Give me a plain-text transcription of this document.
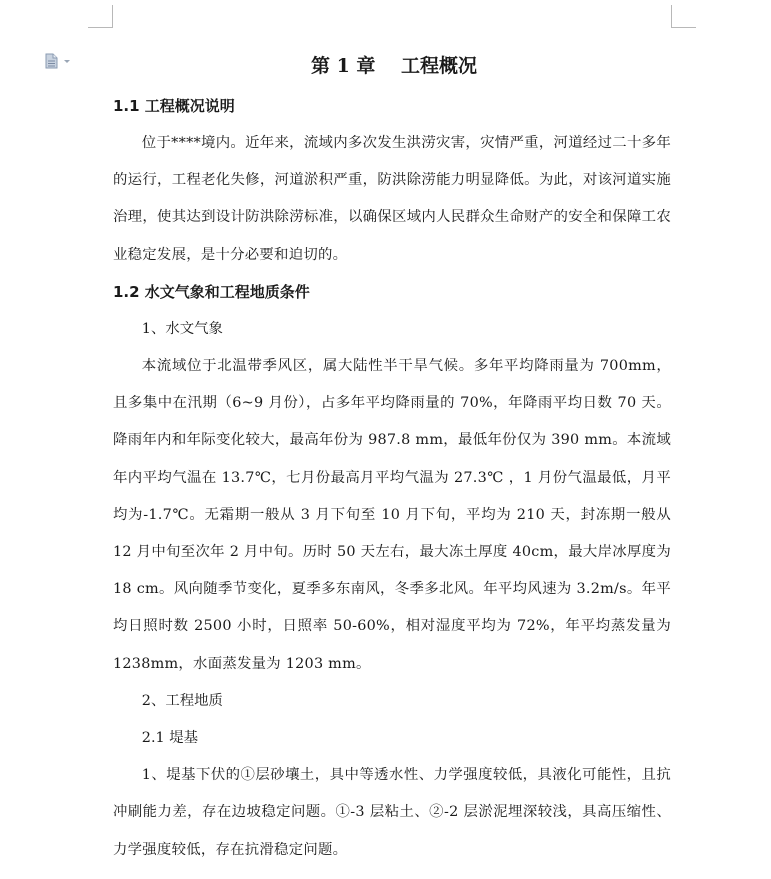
第 1 章　 工程概况
1.1 工程概况说明

位于****境内。近年来，流域内多次发生洪涝灾害，灾情严重，河道经过二十多年的运行，工程老化失修，河道淤积严重，防洪除涝能力明显降低。为此，对该河道实施治理，使其达到设计防洪除涝标准，以确保区域内人民群众生命财产的安全和保障工农业稳定发展，是十分必要和迫切的。

1.2 水文气象和工程地质条件

1、水文气象

本流域位于北温带季风区，属大陆性半干旱气候。多年平均降雨量为 700mm，且多集中在汛期（6~9 月份），占多年平均降雨量的 70%，年降雨平均日数 70 天。降雨年内和年际变化较大，最高年份为 987.8 mm，最低年份仅为 390 mm。本流域年内平均气温在 13.7℃，七月份最高月平均气温为 27.3℃ ，1 月份气温最低，月平均为-1.7℃。无霜期一般从 3 月下旬至 10 月下旬，平均为 210 天，封冻期一般从 12 月中旬至次年 2 月中旬。历时 50 天左右，最大冻土厚度 40cm，最大岸冰厚度为 18 cm。风向随季节变化，夏季多东南风，冬季多北风。年平均风速为 3.2m/s。年平均日照时数 2500 小时，日照率 50-60%，相对湿度平均为 72%，年平均蒸发量为 1238mm，水面蒸发量为 1203 mm。

2、工程地质

2.1 堤基

1、堤基下伏的①层砂壤土，具中等透水性、力学强度较低，具液化可能性，且抗冲刷能力差，存在边坡稳定问题。①-3 层粘土、②-2 层淤泥埋深较浅，具高压缩性、力学强度较低，存在抗滑稳定问题。
